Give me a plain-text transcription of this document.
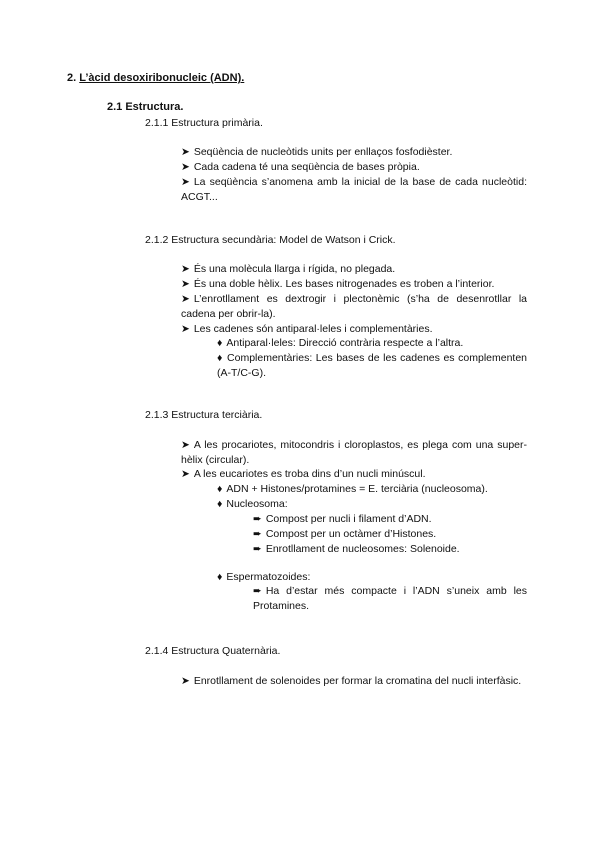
2. L’àcid desoxiribonucleic (ADN).
2.1 Estructura.
2.1.1 Estructura primària.
➤ Seqüència de nucleòtids units per enllaços fosfodièster.
➤ Cada cadena té una seqüència de bases pròpia.
➤ La seqüència s’anomena amb la inicial de la base de cada nucleòtid: ACGT...
2.1.2 Estructura secundària: Model de Watson i Crick.
➤ És una molècula llarga i rígida, no plegada.
➤ És una doble hèlix. Les bases nitrogenades es troben a l’interior.
➤ L’enrotllament es dextrogir i plectonèmic (s’ha de desenrotllar la cadena per obrir-la).
➤ Les cadenes són antiparal·leles i complementàries.
♦ Antiparal·leles: Direcció contrària respecte a l’altra.
♦ Complementàries: Les bases de les cadenes es complementen (A-T/C-G).
2.1.3 Estructura terciària.
➤ A les procariotes, mitocondris i cloroplastos, es plega com una super-hèlix (circular).
➤ A les eucariotes es troba dins d’un nucli minúscul.
♦ ADN + Histones/protamines = E. terciària (nucleosoma).
♦ Nucleosoma:
➨ Compost per nucli i filament d’ADN.
➨ Compost per un octàmer d’Histones.
➨ Enrotllament de nucleosomes: Solenoide.
♦ Espermatozoides:
➨ Ha d’estar més compacte i l’ADN s’uneix amb les Protamines.
2.1.4 Estructura Quaternària.
➤ Enrotllament de solenoides per formar la cromatina del nucli interfàsic.
